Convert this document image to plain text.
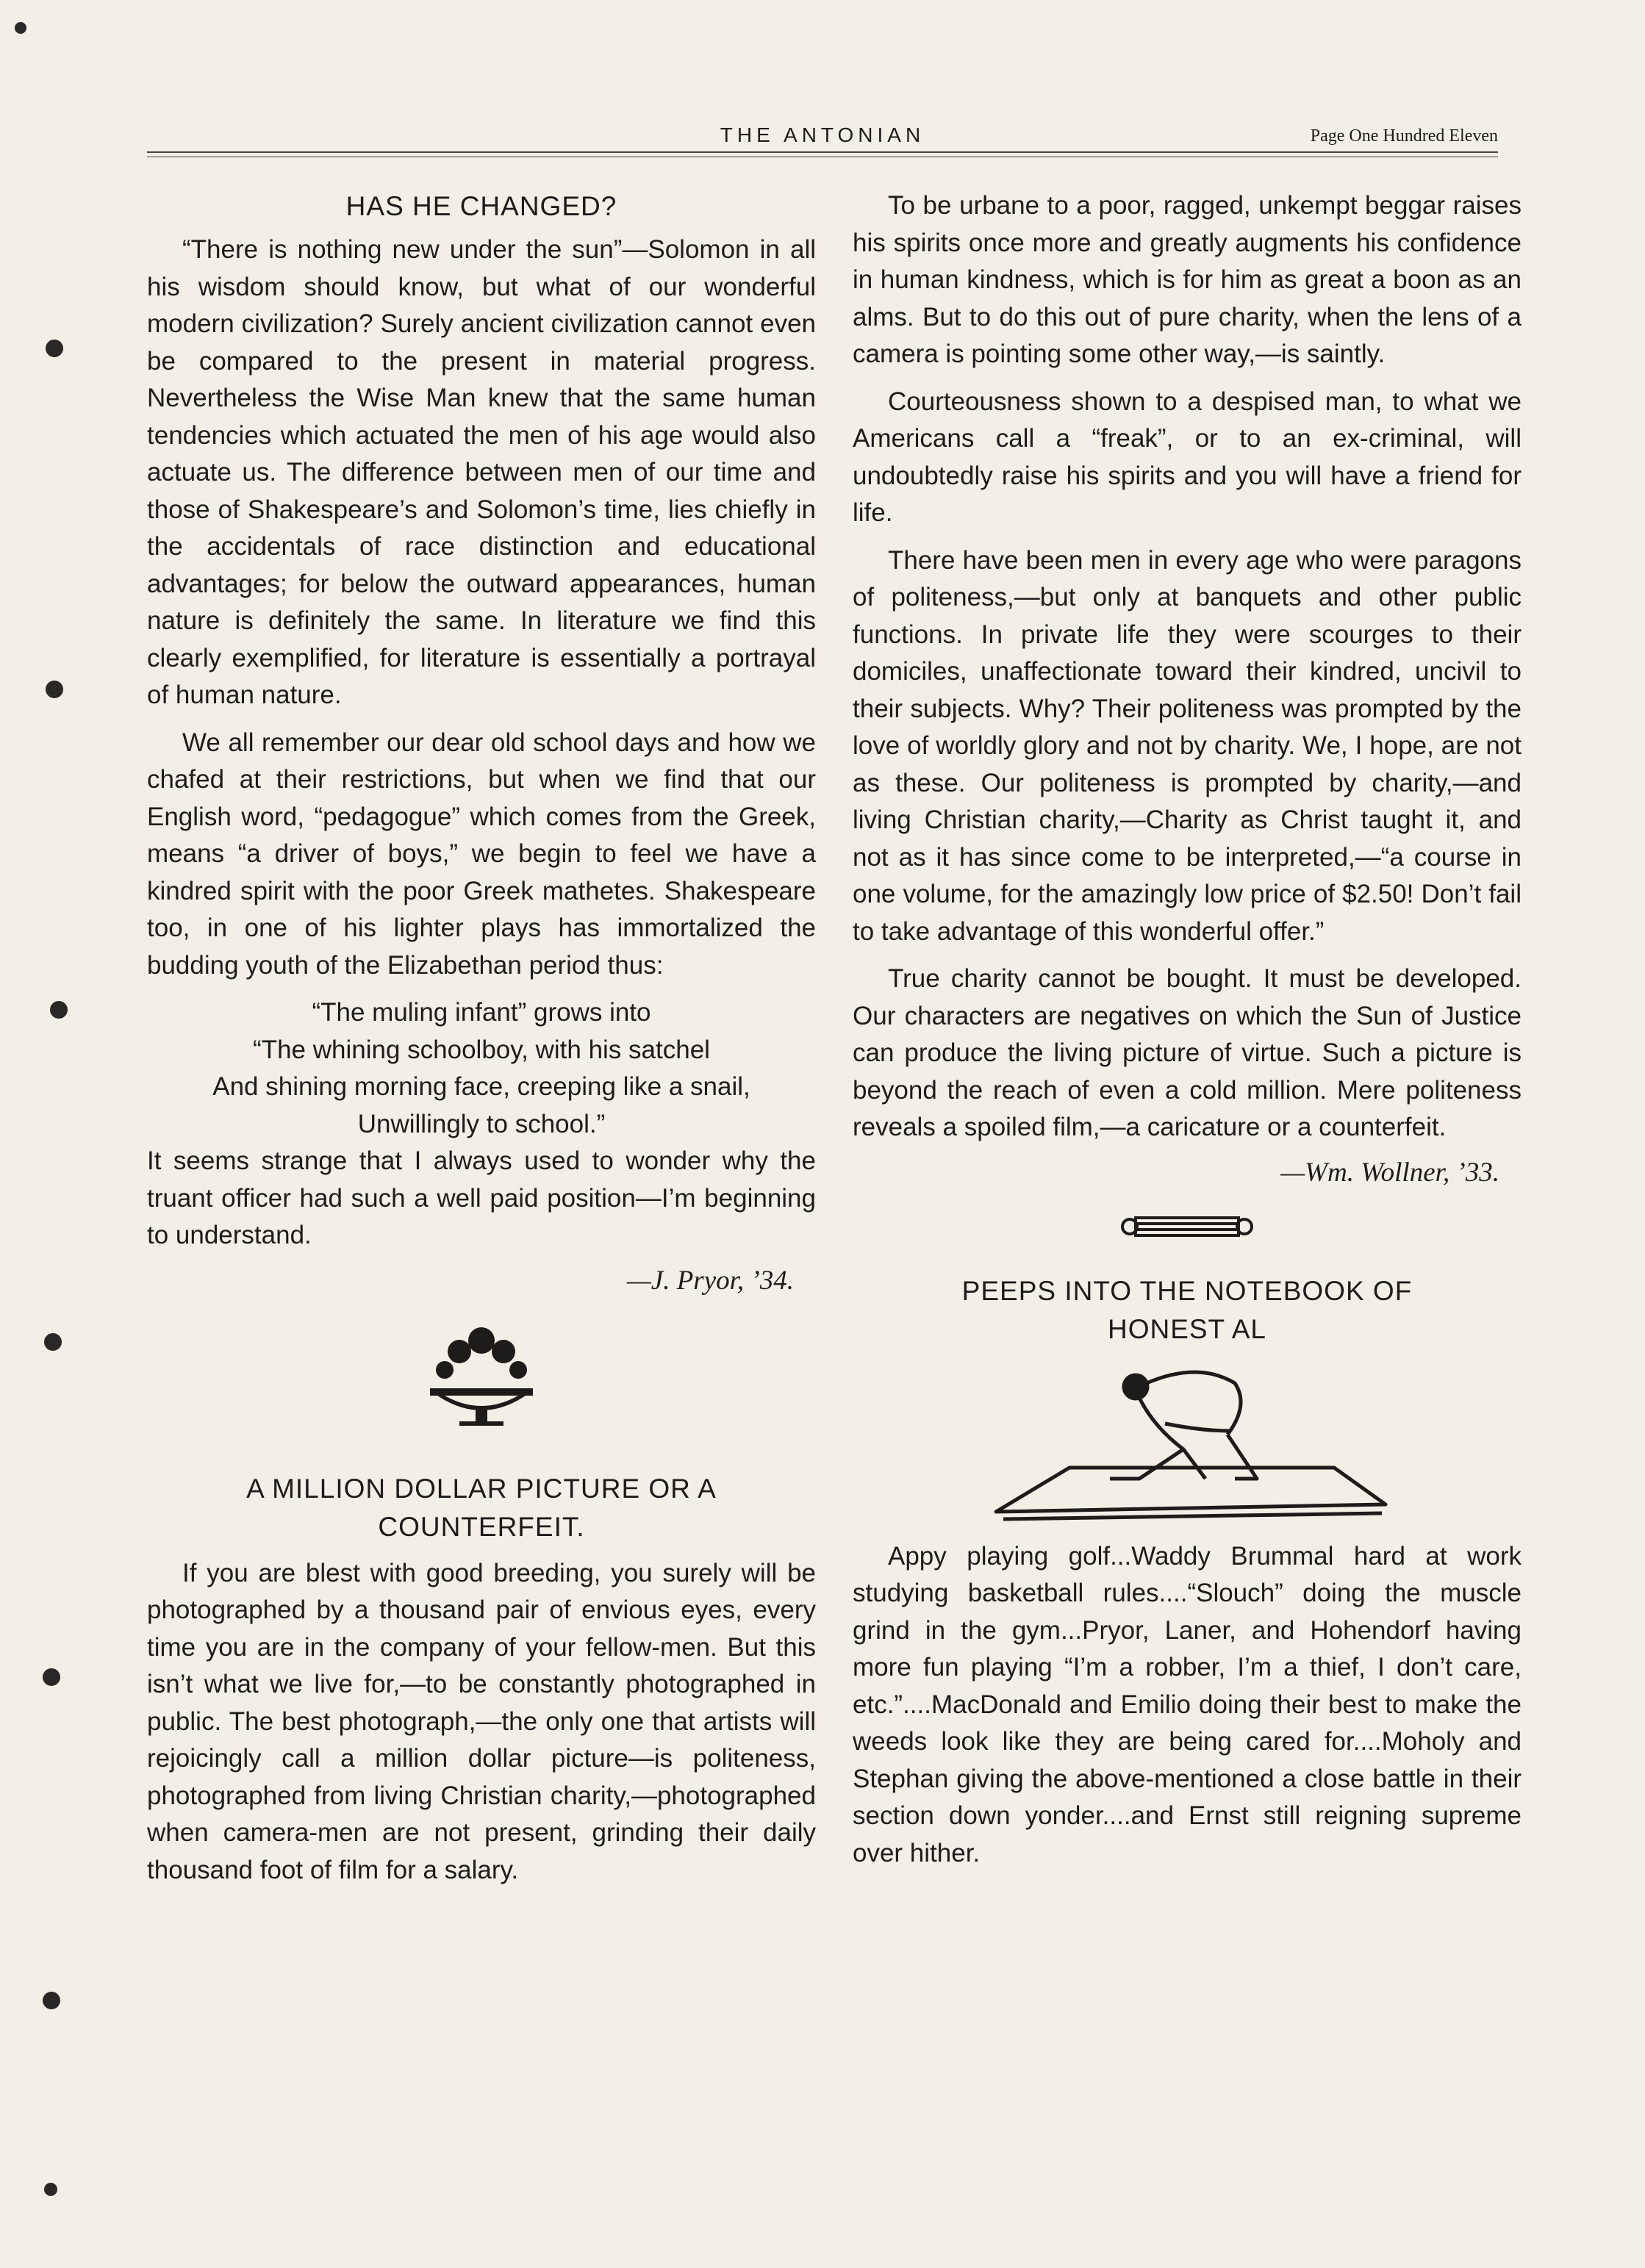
THE ANTONIAN	Page One Hundred Eleven
HAS HE CHANGED?

“There is nothing new under the sun”—Solomon in all his wisdom should know, but what of our wonderful modern civilization? Surely ancient civilization cannot even be compared to the present in material progress. Nevertheless the Wise Man knew that the same human tendencies which actuated the men of his age would also actuate us. The difference between men of our time and those of Shakespeare’s and Solomon’s time, lies chiefly in the accidentals of race distinction and educational advantages; for below the outward appearances, human nature is definitely the same. In literature we find this clearly exemplified, for literature is essentially a portrayal of human nature.

We all remember our dear old school days and how we chafed at their restrictions, but when we find that our English word, “pedagogue” which comes from the Greek, means “a driver of boys,” we begin to feel we have a kindred spirit with the poor Greek mathetes. Shakespeare too, in one of his lighter plays has immortalized the budding youth of the Elizabethan period thus:

“The muling infant” grows into
“The whining schoolboy, with his satchel
And shining morning face, creeping like a snail,
Unwillingly to school.”

It seems strange that I always used to wonder why the truant officer had such a well paid position—I’m beginning to understand.

—J. Pryor, ’34.
A MILLION DOLLAR PICTURE OR A
COUNTERFEIT.

If you are blest with good breeding, you surely will be photographed by a thousand pair of envious eyes, every time you are in the company of your fellow-men. But this isn’t what we live for,—to be constantly photographed in public. The best photograph,—the only one that artists will rejoicingly call a million dollar picture—is politeness, photographed from living Christian charity,—photographed when camera-men are not present, grinding their daily thousand foot of film for a salary.

To be urbane to a poor, ragged, unkempt beggar raises his spirits once more and greatly augments his confidence in human kindness, which is for him as great a boon as an alms. But to do this out of pure charity, when the lens of a camera is pointing some other way,—is saintly.

Courteousness shown to a despised man, to what we Americans call a “freak”, or to an ex-criminal, will undoubtedly raise his spirits and you will have a friend for life.

There have been men in every age who were paragons of politeness,—but only at banquets and other public functions. In private life they were scourges to their domiciles, unaffectionate toward their kindred, uncivil to their subjects. Why? Their politeness was prompted by the love of worldly glory and not by charity. We, I hope, are not as these. Our politeness is prompted by charity,—and living Christian charity,—Charity as Christ taught it, and not as it has since come to be interpreted,—“a course in one volume, for the amazingly low price of $2.50! Don’t fail to take advantage of this wonderful offer.”

True charity cannot be bought. It must be developed. Our characters are negatives on which the Sun of Justice can produce the living picture of virtue. Such a picture is beyond the reach of even a cold million. Mere politeness reveals a spoiled film,—a caricature or a counterfeit.

—Wm. Wollner, ’33.
PEEPS INTO THE NOTEBOOK OF
HONEST AL

Appy playing golf...Waddy Brummal hard at work studying basketball rules....“Slouch” doing the muscle grind in the gym...Pryor, Laner, and Hohendorf having more fun playing “I’m a robber, I’m a thief, I don’t care, etc.”....MacDonald and Emilio doing their best to make the weeds look like they are being cared for....Moholy and Stephan giving the above-mentioned a close battle in their section down yonder....and Ernst still reigning supreme over hither.
